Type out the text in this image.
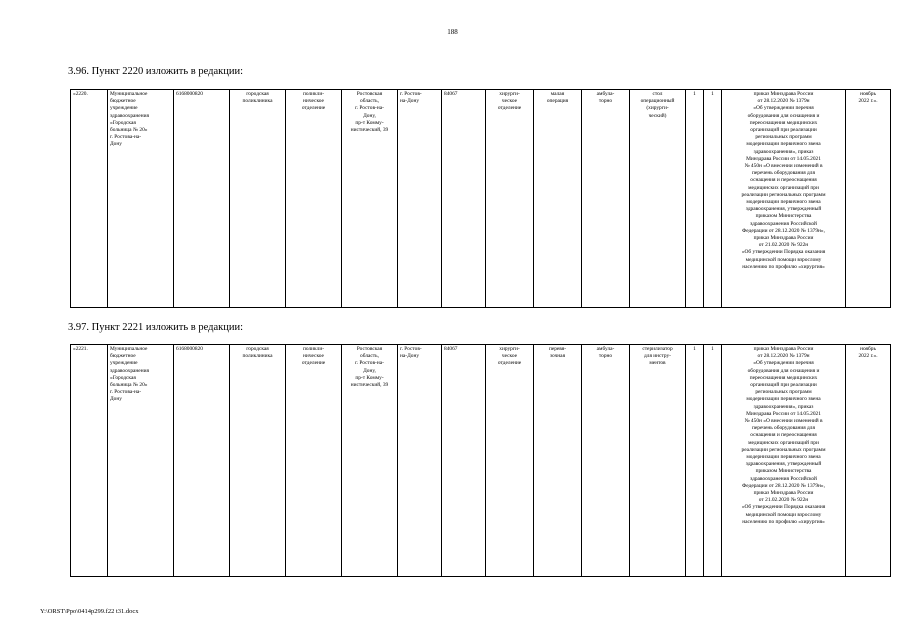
188
3.96. Пункт 2220 изложить в редакции:
«2220.	Муниципальное
бюджетное
учреждение
здравоохранения
«Городская
больница № 20»
г. Ростова-на-
Дону	6168000820	городская
поликлиника	поликли-
ническое
отделение	Ростовская
область,
г. Ростов-на-
Дону,
пр-т Комму-
нистический, 39	г. Ростов-
на-Дону	84067	хирурги-
ческое
отделение	малая
операция	амбула-
торно	стол
операционный
(хирурги-
ческий)	1	1	приказ Минздрава России
от 28.12.2020 № 1379н
«Об утверждении перечня
оборудования для оснащения и
переоснащения медицинских
организаций при реализации
региональных программ
модернизации первичного звена
здравоохранения», приказ
Минздрава России от 14.05.2021
№ 450н «О внесении изменений в
перечень оборудования для
оснащения и переоснащения
медицинских организаций при
реализации региональных программ
модернизации первичного звена
здравоохранения, утвержденный
приказом Министерства
здравоохранения Российской
Федерации от 28.12.2020 № 1379н»,
приказ Минздрава России
от 21.02.2020 № 922н
«Об утверждении Порядка оказания
медицинской помощи взрослому
населению по профилю «хирургия»	ноябрь
2022 г.».
3.97. Пункт 2221 изложить в редакции:
«2221.	Муниципальное
бюджетное
учреждение
здравоохранения
«Городская
больница № 20»
г. Ростова-на-
Дону	6168000820	городская
поликлиника	поликли-
ническое
отделение	Ростовская
область,
г. Ростов-на-
Дону,
пр-т Комму-
нистический, 39	г. Ростов-
на-Дону	84067	хирурги-
ческое
отделение	перевя-
зочная	амбула-
торно	стерилизатор
для инстру-
ментов	1	1	приказ Минздрава России
от 28.12.2020 № 1379н
«Об утверждении перечня
оборудования для оснащения и
переоснащения медицинских
организаций при реализации
региональных программ
модернизации первичного звена
здравоохранения», приказ
Минздрава России от 14.05.2021
№ 450н «О внесении изменений в
перечень оборудования для
оснащения и переоснащения
медицинских организаций при
реализации региональных программ
модернизации первичного звена
здравоохранения, утвержденный
приказом Министерства
здравоохранения Российской
Федерации от 28.12.2020 № 1379н»,
приказ Минздрава России
от 21.02.2020 № 922н
«Об утверждении Порядка оказания
медицинской помощи взрослому
населению по профилю «хирургия»	ноябрь
2022 г.».
Y:\ORST\Ppo\0414p299.f22 t31.docx
